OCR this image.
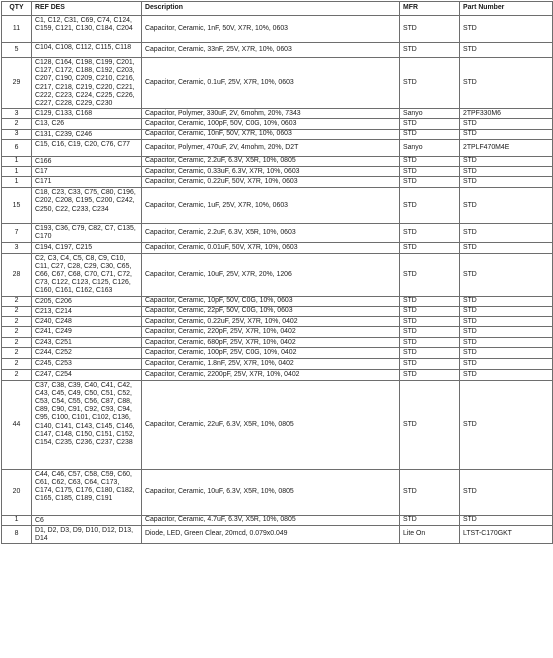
QTY	REF DES	Description	MFR	Part Number
11	C1, C12, C31, C69, C74, C124, C159, C121, C130, C184, C204	Capacitor, Ceramic, 1nF, 50V, X7R, 10%, 0603	STD	STD
5	C104, C108, C112, C115, C118	Capacitor, Ceramic, 33nF, 25V, X7R, 10%, 0603	STD	STD
29	C128, C164, C198, C199, C201, C127, C172, C188, C192, C203, C207, C190, C209, C210, C216, C217, C218, C219, C220, C221, C222, C223, C224, C225, C226, C227, C228, C229, C230	Capacitor, Ceramic, 0.1uF, 25V, X7R, 10%, 0603	STD	STD
3	C129, C133, C168	Capacitor, Polymer, 330uF, 2V, 6mohm, 20%, 7343	Sanyo	2TPF330M6
2	C13, C26	Capacitor, Ceramic, 100pF, 50V, C0G, 10%, 0603	STD	STD
3	C131, C239, C246	Capacitor, Ceramic, 10nF, 50V, X7R, 10%, 0603	STD	STD
6	C15, C16, C19, C20, C76, C77	Capacitor, Polymer, 470uF, 2V, 4mohm, 20%, D2T	Sanyo	2TPLF470M4E
1	C166	Capacitor, Ceramic, 2.2uF, 6.3V, X5R, 10%, 0805	STD	STD
1	C17	Capacitor, Ceramic, 0.33uF, 6.3V, X7R, 10%, 0603	STD	STD
1	C171	Capacitor, Ceramic, 0.22uF, 50V, X7R, 10%, 0603	STD	STD
15	C18, C23, C33, C75, C80, C196, C202, C208, C195, C200, C242, C250, C22, C233, C234	Capacitor, Ceramic, 1uF, 25V, X7R, 10%, 0603	STD	STD
7	C193, C36, C79, C82, C7, C135, C170	Capacitor, Ceramic, 2.2uF, 6.3V, X5R, 10%, 0603	STD	STD
3	C194, C197, C215	Capacitor, Ceramic, 0.01uF, 50V, X7R, 10%, 0603	STD	STD
28	C2, C3, C4, C5, C8, C9, C10, C11, C27, C28, C29, C30, C65, C66, C67, C68, C70, C71, C72, C73, C122, C123, C125, C126, C160, C161, C162, C163	Capacitor, Ceramic, 10uF, 25V, X7R, 20%, 1206	STD	STD
2	C205, C206	Capacitor, Ceramic, 10pF, 50V, C0G, 10%, 0603	STD	STD
2	C213, C214	Capacitor, Ceramic, 22pF, 50V, C0G, 10%, 0603	STD	STD
2	C240, C248	Capacitor, Ceramic, 0.22uF, 25V, X7R, 10%, 0402	STD	STD
2	C241, C249	Capacitor, Ceramic, 220pF, 25V, X7R, 10%, 0402	STD	STD
2	C243, C251	Capacitor, Ceramic, 680pF, 25V, X7R, 10%, 0402	STD	STD
2	C244, C252	Capacitor, Ceramic, 100pF, 25V, C0G, 10%, 0402	STD	STD
2	C245, C253	Capacitor, Ceramic, 1.8nF, 25V, X7R, 10%, 0402	STD	STD
2	C247, C254	Capacitor, Ceramic, 2200pF, 25V, X7R, 10%, 0402	STD	STD
44	C37, C38, C39, C40, C41, C42, C43, C45, C49, C50, C51, C52, C53, C54, C55, C56, C87, C88, C89, C90, C91, C92, C93, C94, C95, C100, C101, C102, C136, C140, C141, C143, C145, C146, C147, C148, C150, C151, C152, C154, C235, C236, C237, C238	Capacitor, Ceramic, 22uF, 6.3V, X5R, 10%, 0805	STD	STD
20	C44, C46, C57, C58, C59, C60, C61, C62, C63, C64, C173, C174, C175, C176, C180, C182, C165, C185, C189, C191	Capacitor, Ceramic, 10uF, 6.3V, X5R, 10%, 0805	STD	STD
1	C6	Capacitor, Ceramic, 4.7uF, 6.3V, X5R, 10%, 0805	STD	STD
8	D1, D2, D3, D9, D10, D12, D13, D14	Diode, LED, Green Clear, 20mcd, 0.079x0.049	Lite On	LTST-C170GKT
